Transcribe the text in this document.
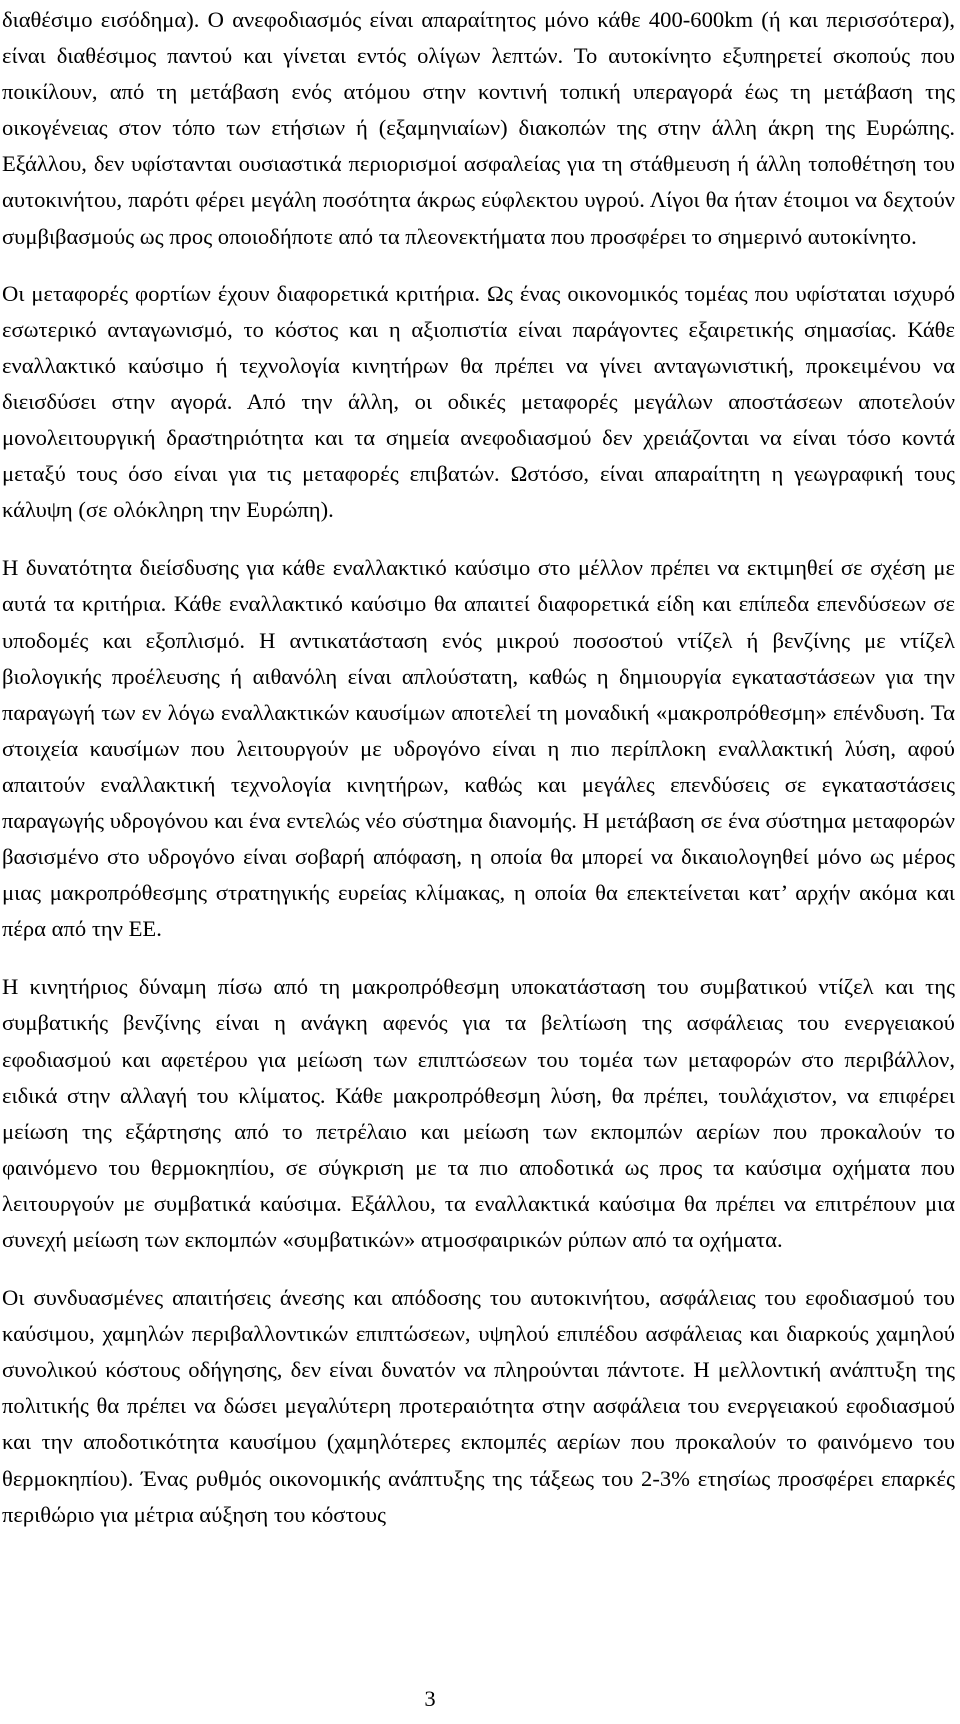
διαθέσιμο εισόδημα). Ο ανεφοδιασμός είναι απαραίτητος μόνο κάθε 400-600km (ή και περισσότερα), είναι διαθέσιμος παντού και γίνεται εντός ολίγων λεπτών. Το αυτοκίνητο εξυπηρετεί σκοπούς που ποικίλουν, από τη μετάβαση ενός ατόμου στην κοντινή τοπική υπεραγορά έως τη μετάβαση της οικογένειας στον τόπο των ετήσιων ή (εξαμηνιαίων) διακοπών της στην άλλη άκρη της Ευρώπης. Εξάλλου, δεν υφίστανται ουσιαστικά περιορισμοί ασφαλείας για τη στάθμευση ή άλλη τοποθέτηση του αυτοκινήτου, παρότι φέρει μεγάλη ποσότητα άκρως εύφλεκτου υγρού. Λίγοι θα ήταν έτοιμοι να δεχτούν συμβιβασμούς ως προς οποιοδήποτε από τα πλεονεκτήματα που προσφέρει το σημερινό αυτοκίνητο.

Οι μεταφορές φορτίων έχουν διαφορετικά κριτήρια. Ως ένας οικονομικός τομέας που υφίσταται ισχυρό εσωτερικό ανταγωνισμό, το κόστος και η αξιοπιστία είναι παράγοντες εξαιρετικής σημασίας. Κάθε εναλλακτικό καύσιμο ή τεχνολογία κινητήρων θα πρέπει να γίνει ανταγωνιστική, προκειμένου να διεισδύσει στην αγορά. Από την άλλη, οι οδικές μεταφορές μεγάλων αποστάσεων αποτελούν μονολειτουργική δραστηριότητα και τα σημεία ανεφοδιασμού δεν χρειάζονται να είναι τόσο κοντά μεταξύ τους όσο είναι για τις μεταφορές επιβατών. Ωστόσο, είναι απαραίτητη η γεωγραφική τους κάλυψη (σε ολόκληρη την Ευρώπη).

Η δυνατότητα διείσδυσης για κάθε εναλλακτικό καύσιμο στο μέλλον πρέπει να εκτιμηθεί σε σχέση με αυτά τα κριτήρια. Κάθε εναλλακτικό καύσιμο θα απαιτεί διαφορετικά είδη και επίπεδα επενδύσεων σε υποδομές και εξοπλισμό. Η αντικατάσταση ενός μικρού ποσοστού ντίζελ ή βενζίνης με ντίζελ βιολογικής προέλευσης ή αιθανόλη είναι απλούστατη, καθώς η δημιουργία εγκαταστάσεων για την παραγωγή των εν λόγω εναλλακτικών καυσίμων αποτελεί τη μοναδική «μακροπρόθεσμη» επένδυση. Τα στοιχεία καυσίμων που λειτουργούν με υδρογόνο είναι η πιο περίπλοκη εναλλακτική λύση, αφού απαιτούν εναλλακτική τεχνολογία κινητήρων, καθώς και μεγάλες επενδύσεις σε εγκαταστάσεις παραγωγής υδρογόνου και ένα εντελώς νέο σύστημα διανομής. Η μετάβαση σε ένα σύστημα μεταφορών βασισμένο στο υδρογόνο είναι σοβαρή απόφαση, η οποία θα μπορεί να δικαιολογηθεί μόνο ως μέρος μιας μακροπρόθεσμης στρατηγικής ευρείας κλίμακας, η οποία θα επεκτείνεται κατ’ αρχήν ακόμα και πέρα από την ΕΕ.

Η κινητήριος δύναμη πίσω από τη μακροπρόθεσμη υποκατάσταση του συμβατικού ντίζελ και της συμβατικής βενζίνης είναι η ανάγκη αφενός για τα βελτίωση της ασφάλειας του ενεργειακού εφοδιασμού και αφετέρου για μείωση των επιπτώσεων του τομέα των μεταφορών στο περιβάλλον, ειδικά στην αλλαγή του κλίματος. Κάθε μακροπρόθεσμη λύση, θα πρέπει, τουλάχιστον, να επιφέρει μείωση της εξάρτησης από το πετρέλαιο και μείωση των εκπομπών αερίων που προκαλούν το φαινόμενο του θερμοκηπίου, σε σύγκριση με τα πιο αποδοτικά ως προς τα καύσιμα οχήματα που λειτουργούν με συμβατικά καύσιμα. Εξάλλου, τα εναλλακτικά καύσιμα θα πρέπει να επιτρέπουν μια συνεχή μείωση των εκπομπών «συμβατικών» ατμοσφαιρικών ρύπων από τα οχήματα.

Οι συνδυασμένες απαιτήσεις άνεσης και απόδοσης του αυτοκινήτου, ασφάλειας του εφοδιασμού του καύσιμου, χαμηλών περιβαλλοντικών επιπτώσεων, υψηλού επιπέδου ασφάλειας και διαρκούς χαμηλού συνολικού κόστους οδήγησης, δεν είναι δυνατόν να πληρούνται πάντοτε. Η μελλοντική ανάπτυξη της πολιτικής θα πρέπει να δώσει μεγαλύτερη προτεραιότητα στην ασφάλεια του ενεργειακού εφοδιασμού και την αποδοτικότητα καυσίμου (χαμηλότερες εκπομπές αερίων που προκαλούν το φαινόμενο του θερμοκηπίου). Ένας ρυθμός οικονομικής ανάπτυξης της τάξεως του 2-3% ετησίως προσφέρει επαρκές περιθώριο για μέτρια αύξηση του κόστους

3
